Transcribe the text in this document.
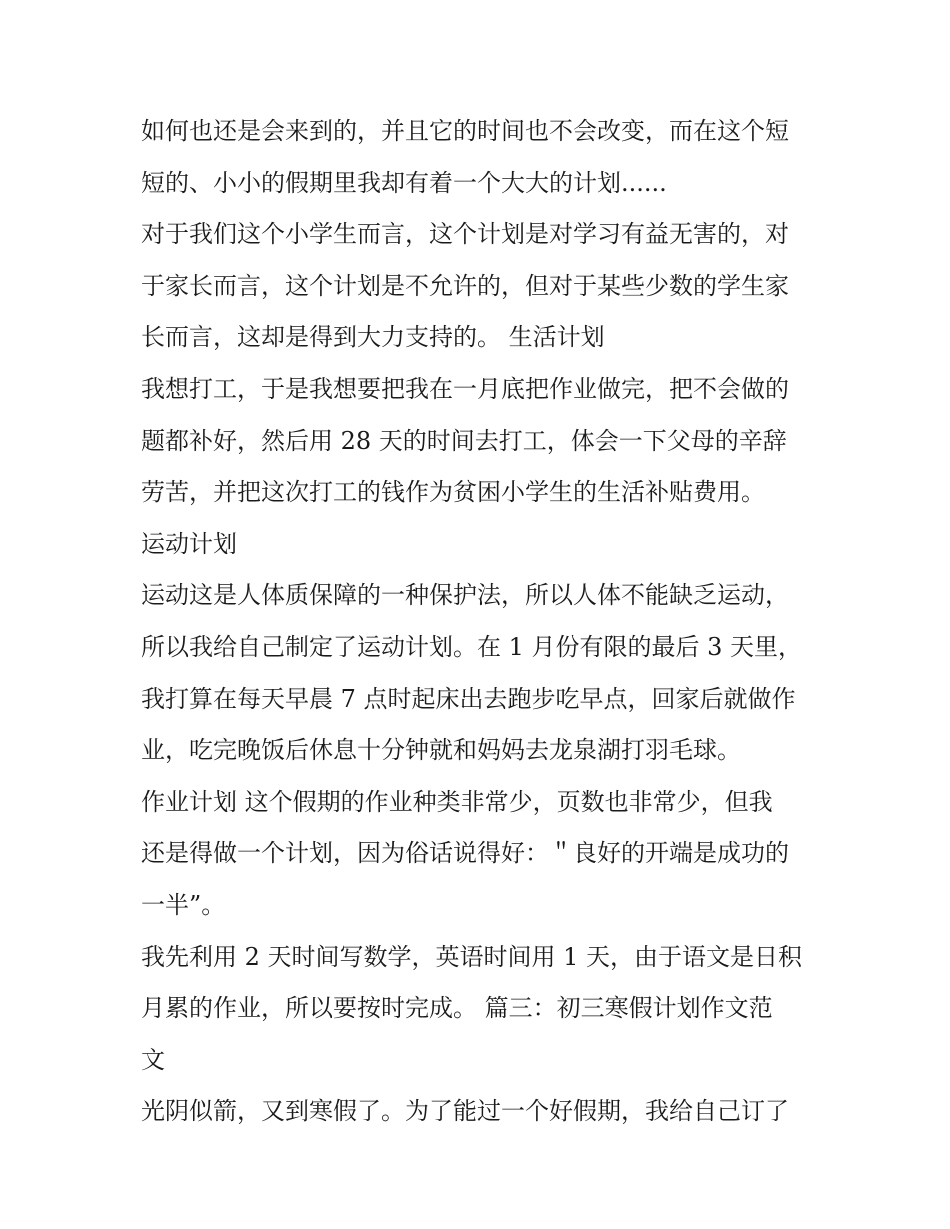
如何也还是会来到的，并且它的时间也不会改变，而在这个短
短的、小小的假期里我却有着一个大大的计划......
对于我们这个小学生而言，这个计划是对学习有益无害的，对
于家长而言，这个计划是不允许的，但对于某些少数的学生家
长而言，这却是得到大力支持的。 生活计划
我想打工，于是我想要把我在一月底把作业做完，把不会做的
题都补好，然后用 28 天的时间去打工，体会一下父母的辛辞
劳苦，并把这次打工的钱作为贫困小学生的生活补贴费用。
运动计划
运动这是人体质保障的一种保护法，所以人体不能缺乏运动，
所以我给自己制定了运动计划。在 1 月份有限的最后 3 天里，
我打算在每天早晨 7 点时起床出去跑步吃早点，回家后就做作
业，吃完晚饭后休息十分钟就和妈妈去龙泉湖打羽毛球。
作业计划 这个假期的作业种类非常少，页数也非常少，但我
还是得做一个计划，因为俗话说得好：＂良好的开端是成功的
一半”。
我先利用 2 天时间写数学，英语时间用 1 天，由于语文是日积
月累的作业，所以要按时完成。 篇三：初三寒假计划作文范
文
光阴似箭，又到寒假了。为了能过一个好假期，我给自己订了
